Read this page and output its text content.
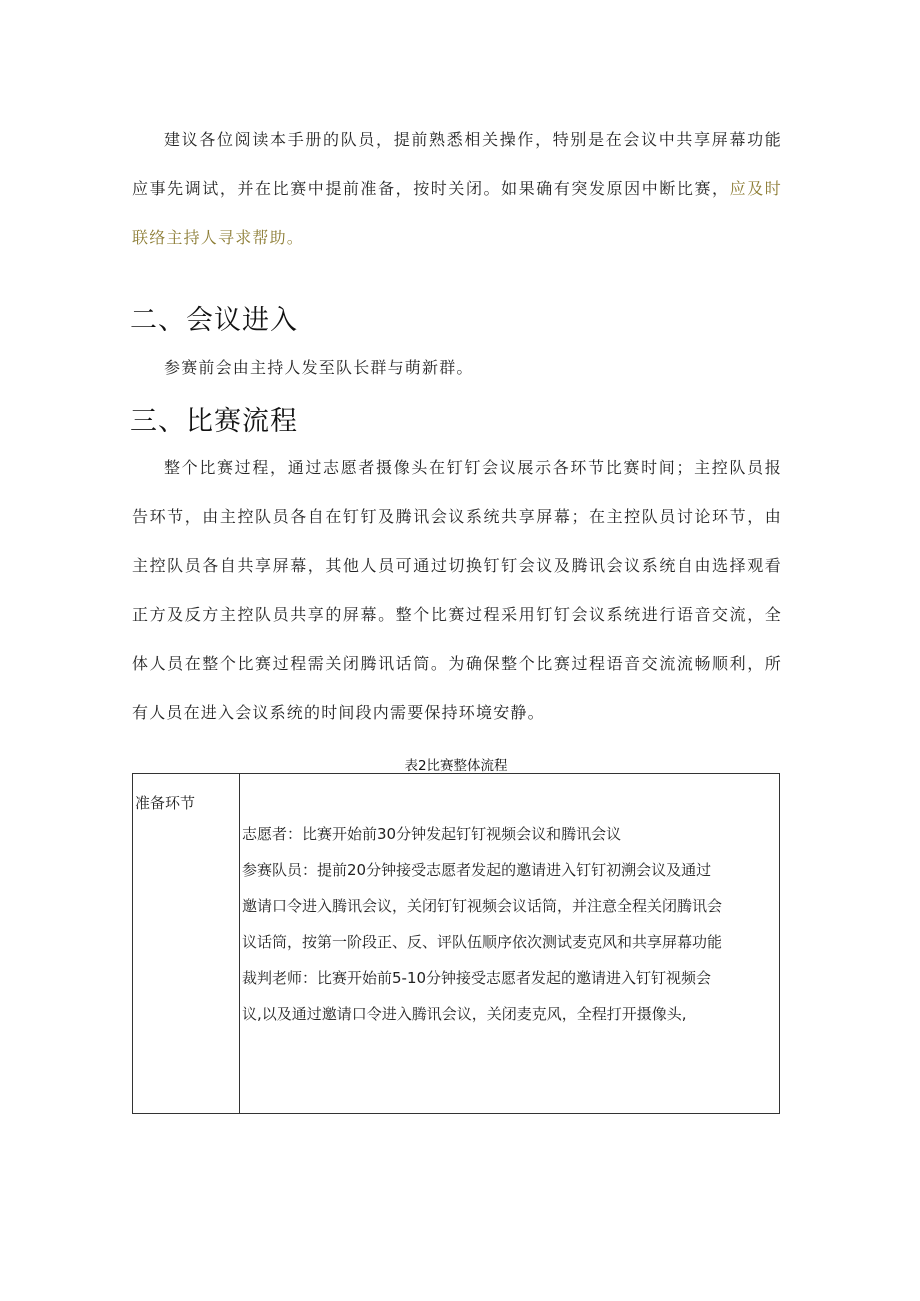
建议各位阅读本手册的队员，提前熟悉相关操作，特别是在会议中共享屏幕功能应事先调试，并在比赛中提前准备，按时关闭。如果确有突发原因中断比赛，应及时联络主持人寻求帮助。

二、会议进入

参赛前会由主持人发至队长群与萌新群。

三、比赛流程

整个比赛过程，通过志愿者摄像头在钉钉会议展示各环节比赛时间；主控队员报告环节，由主控队员各自在钉钉及腾讯会议系统共享屏幕；在主控队员讨论环节，由主控队员各自共享屏幕，其他人员可通过切换钉钉会议及腾讯会议系统自由选择观看正方及反方主控队员共享的屏幕。整个比赛过程采用钉钉会议系统进行语音交流，全体人员在整个比赛过程需关闭腾讯话筒。为确保整个比赛过程语音交流流畅顺利，所有人员在进入会议系统的时间段内需要保持环境安静。

表2比赛整体流程
准备环节	
志愿者：比赛开始前30分钟发起钉钉视频会议和腾讯会议
参赛队员：提前20分钟接受志愿者发起的邀请进入钉钉初溯会议及通过
邀请口令进入腾讯会议，关闭钉钉视频会议话筒，并注意全程关闭腾讯会
议话筒，按第一阶段正、反、评队伍顺序依次测试麦克风和共享屏幕功能
裁判老师：比赛开始前5-10分钟接受志愿者发起的邀请进入钉钉视频会
议,以及通过邀请口令进入腾讯会议，关闭麦克风，全程打开摄像头,
